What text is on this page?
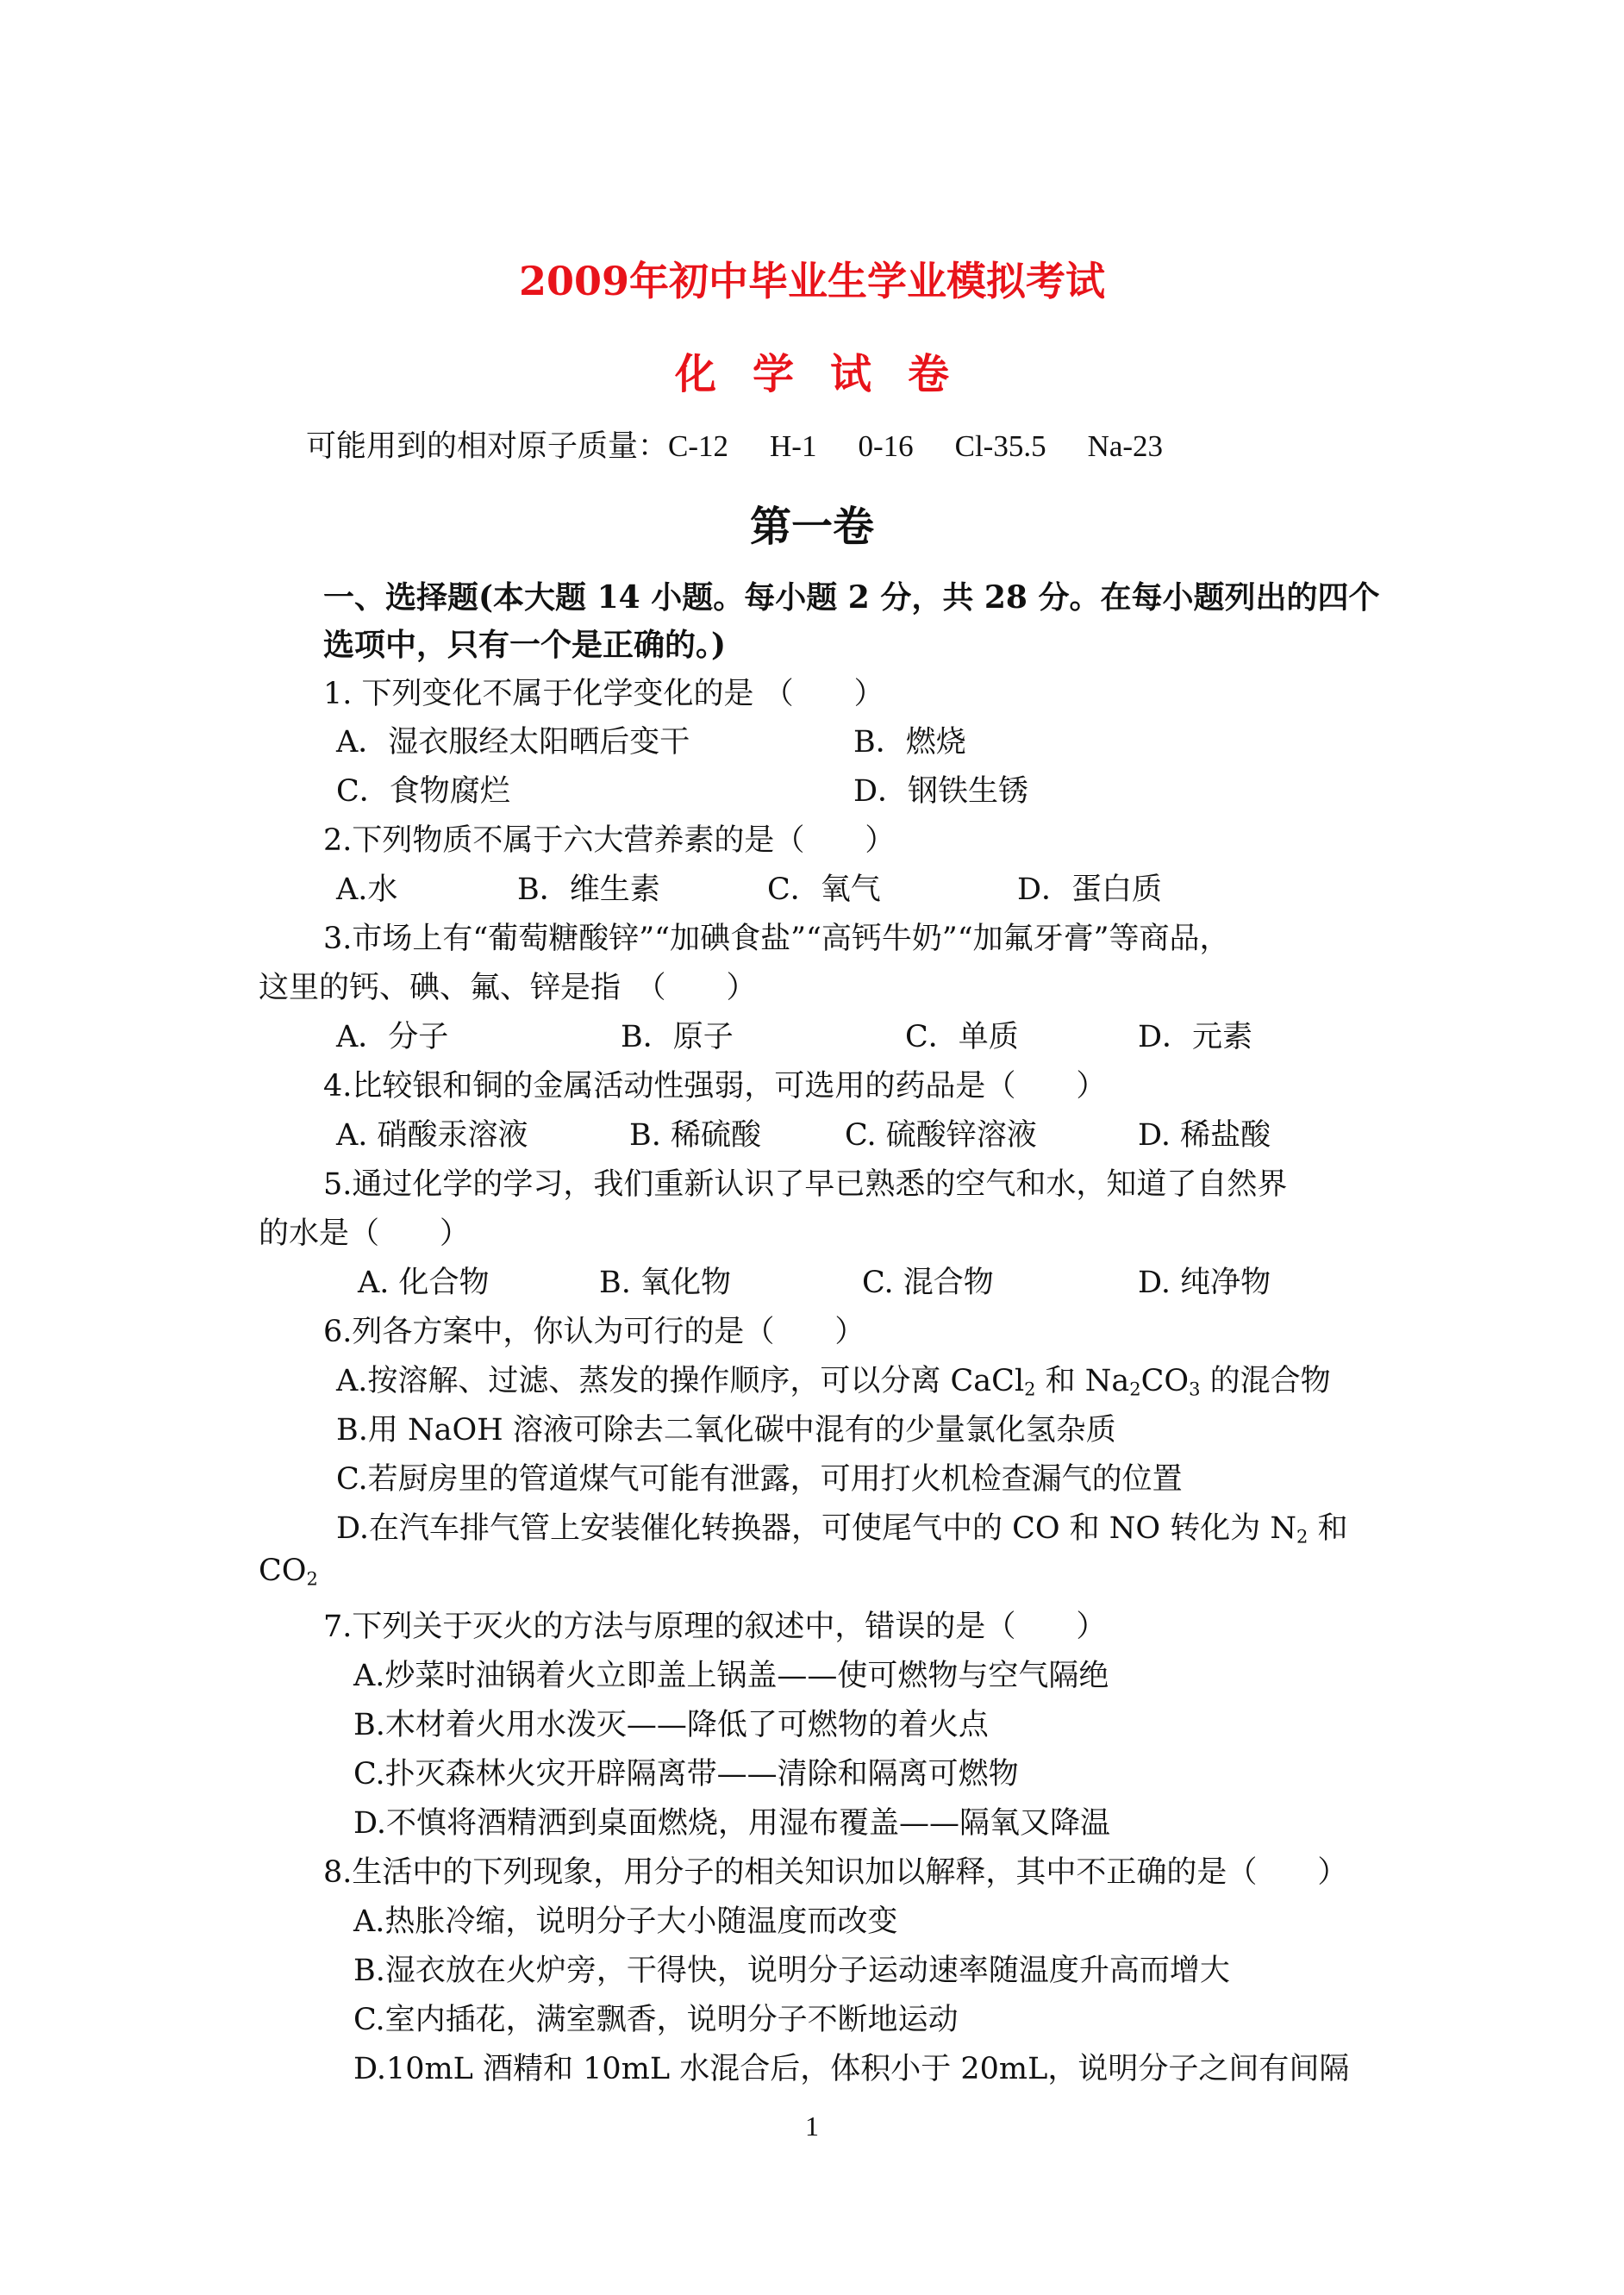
2009年初中毕业生学业模拟考试
化学试卷
可能用到的相对原子质量：C-12 H-1 0-16 Cl-35.5 Na-23
第一卷
一、选择题(本大题 14 小题。每小题 2 分，共 28 分。在每小题列出的四个
选项中，只有一个是正确的。)
1. 下列变化不属于化学变化的是 （　　）
A．湿衣服经太阳晒后变干	B．燃烧
C．食物腐烂	D．钢铁生锈
2.下列物质不属于六大营养素的是（　　）
A.水	B．维生素	C．氧气	D．蛋白质
3.市场上有“葡萄糖酸锌”“加碘食盐”“高钙牛奶”“加氟牙膏”等商品，
这里的钙、碘、氟、锌是指　（　　）
A．分子	B．原子	C．单质	D．元素
4.比较银和铜的金属活动性强弱，可选用的药品是（　　）
A. 硝酸汞溶液	B. 稀硫酸	C. 硫酸锌溶液	D. 稀盐酸
5.通过化学的学习，我们重新认识了早已熟悉的空气和水，知道了自然界
的水是（　　）
A. 化合物	B. 氧化物	C. 混合物	D. 纯净物
6.列各方案中，你认为可行的是（　　）
A.按溶解、过滤、蒸发的操作顺序，可以分离 CaCl$_2$ 和 $Na_2CO_3$ 的混合物
B.用 NaOH 溶液可除去二氧化碳中混有的少量氯化氢杂质
C.若厨房里的管道煤气可能有泄露，可用打火机检查漏气的位置
D.在汽车排气管上安装催化转换器，可使尾气中的 CO 和 NO 转化为 $N_2$ 和
$CO_2$
7.下列关于灭火的方法与原理的叙述中，错误的是（　　）
A.炒菜时油锅着火立即盖上锅盖——使可燃物与空气隔绝
B.木材着火用水泼灭——降低了可燃物的着火点
C.扑灭森林火灾开辟隔离带——清除和隔离可燃物
D.不慎将酒精洒到桌面燃烧，用湿布覆盖——隔氧又降温
8.生活中的下列现象，用分子的相关知识加以解释，其中不正确的是（　　）
A.热胀冷缩，说明分子大小随温度而改变
B.湿衣放在火炉旁，干得快，说明分子运动速率随温度升高而增大
C.室内插花，满室飘香，说明分子不断地运动
D.10mL 酒精和 10mL 水混合后，体积小于 20mL，说明分子之间有间隔
1
